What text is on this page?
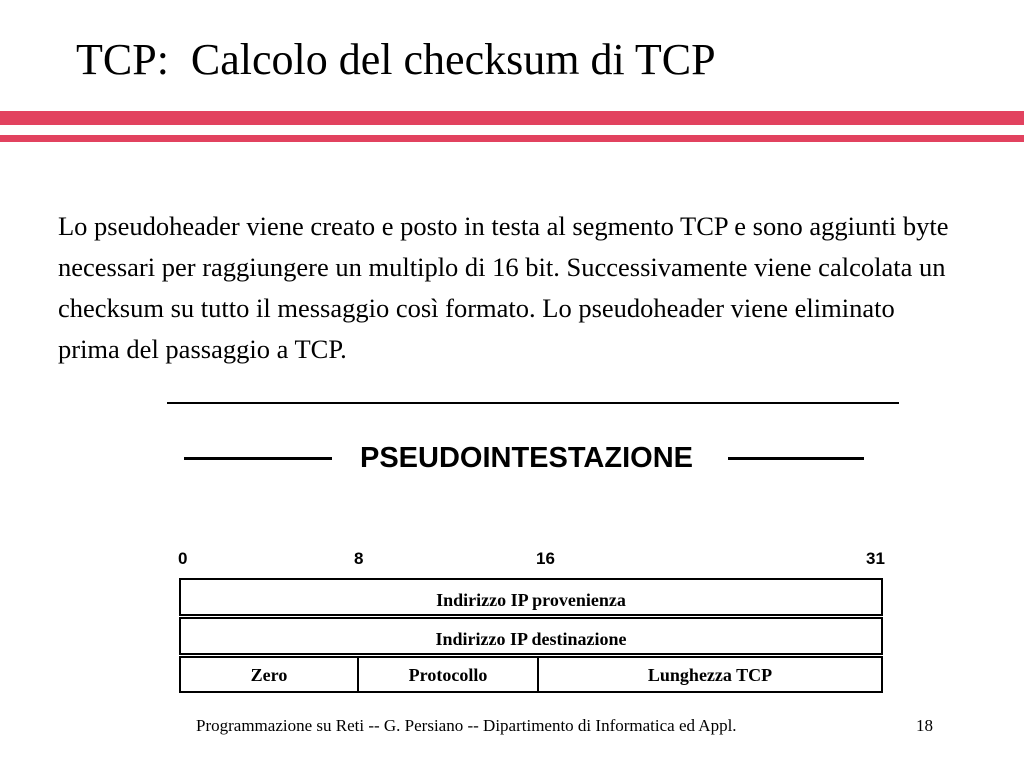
TCP:  Calcolo del checksum di TCP

Lo pseudoheader viene creato e posto in testa al segmento TCP e sono aggiunti byte necessari per raggiungere un multiplo di 16 bit. Successivamente viene calcolata un checksum su tutto il messaggio così formato. Lo pseudoheader viene eliminato prima del passaggio a TCP.

PSEUDOINTESTAZIONE
0	8	16	31
Indirizzo IP provenienza
Indirizzo IP destinazione
Zero	Protocollo	Lunghezza TCP
Programmazione su Reti -- G. Persiano -- Dipartimento di Informatica ed Appl.	18
